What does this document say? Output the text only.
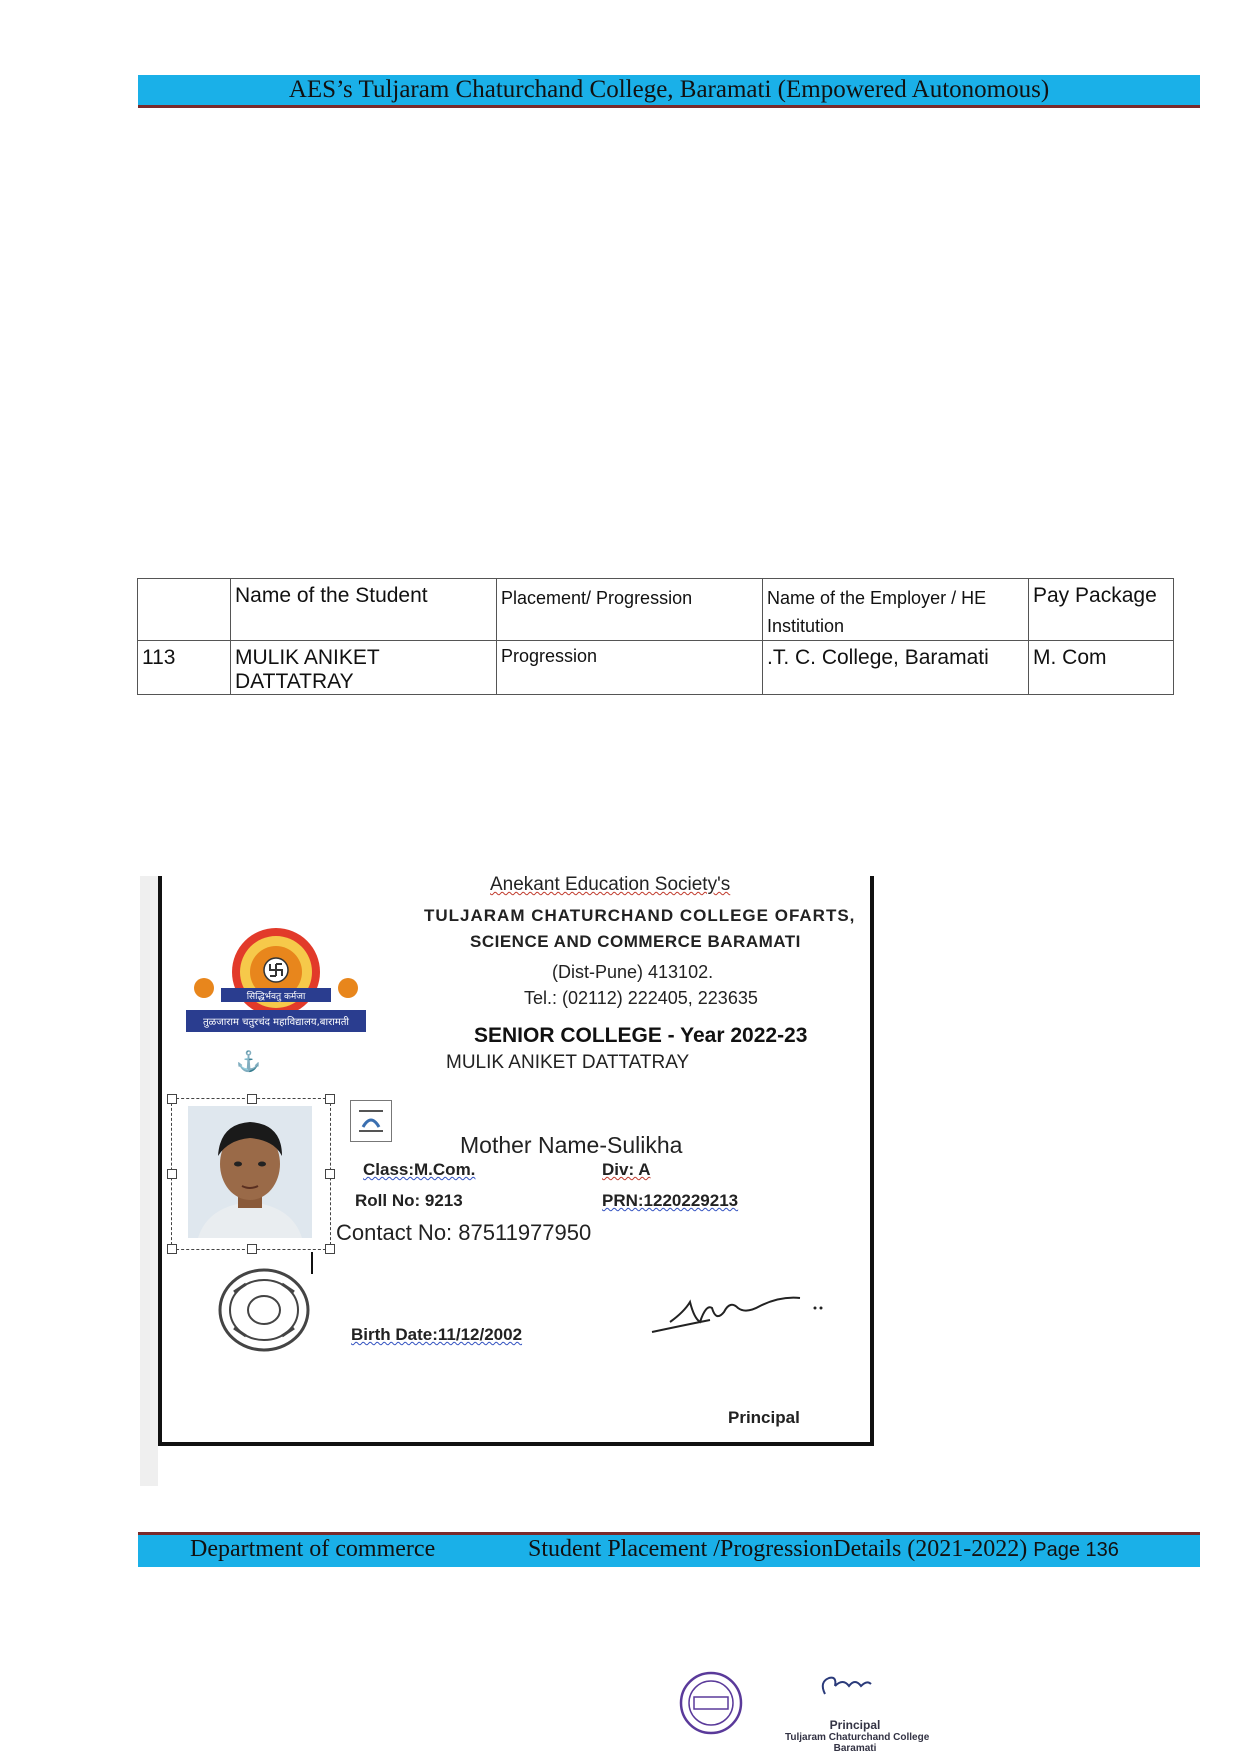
AES’s Tuljaram Chaturchand College, Baramati (Empowered Autonomous)
	Name of the Student	Placement/ Progression	Name of the Employer / HE Institution	Pay Package
113	MULIK ANIKET DATTATRAY	Progression	.T. C. College, Baramati	M. Com
Anekant Education Society's
TULJARAM CHATURCHAND COLLEGE OFARTS,
SCIENCE AND COMMERCE BARAMATI
(Dist-Pune) 413102.
Tel.: (02112) 222405, 223635
सिद्धिर्भवतु कर्मजा
तुळजाराम चतुरचंद महाविद्यालय,बारामती
SENIOR COLLEGE - Year 2022-23
MULIK ANIKET DATTATRAY
⚓
Mother Name-Sulikha
Class:M.Com.	Div: A
Roll No: 9213	PRN:1220229213
Contact No: 87511977950
Birth Date:11/12/2002
Principal
Department of commerce	Student Placement /ProgressionDetails (2021-2022) Page 136
Principal
Tuljaram Chaturchand College
Baramati
